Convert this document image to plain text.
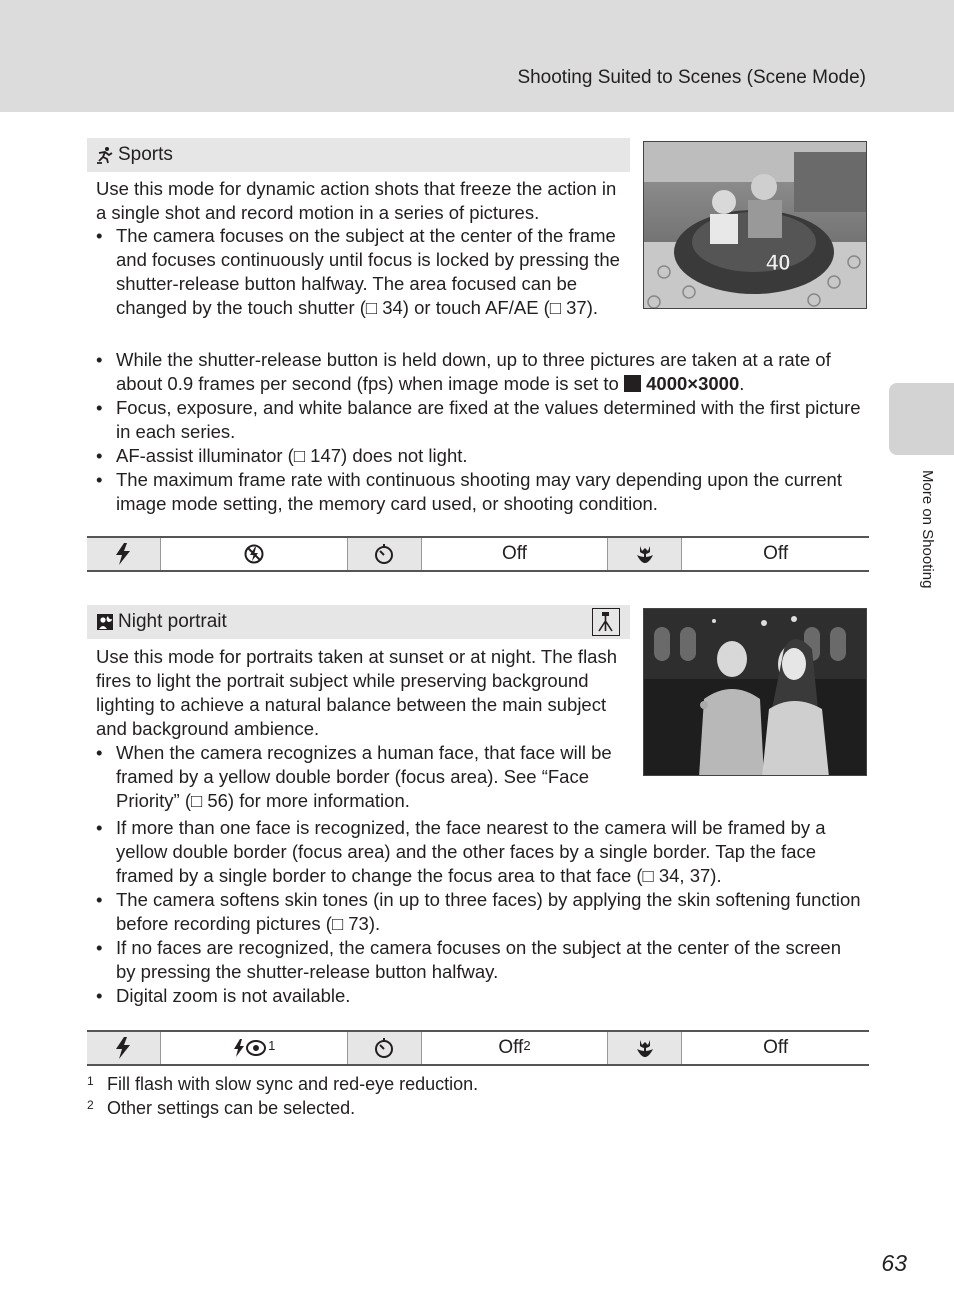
Shooting Suited to Scenes (Scene Mode)
More on Shooting
Sports
40
Use this mode for dynamic action shots that freeze the action in a single shot and record motion in a series of pictures.
• The camera focuses on the subject at the center of the frame and focuses continuously until focus is locked by pressing the shutter-release button halfway. The area focused can be changed by the touch shutter (□ 34) or touch AF/AE (□ 37).
• While the shutter-release button is held down, up to three pictures are taken at a rate of about 0.9 frames per second (fps) when image mode is set to 4000×3000.
• Focus, exposure, and white balance are fixed at the values determined with the first picture in each series.
• AF-assist illuminator (□ 147) does not light.
• The maximum frame rate with continuous shooting may vary depending upon the current image mode setting, the memory card used, or shooting condition.
Off	Off
Night portrait
Use this mode for portraits taken at sunset or at night. The flash fires to light the portrait subject while preserving background lighting to achieve a natural balance between the main subject and background ambience.
• When the camera recognizes a human face, that face will be framed by a yellow double border (focus area). See “Face Priority” (□ 56) for more information.
• If more than one face is recognized, the face nearest to the camera will be framed by a yellow double border (focus area) and the other faces by a single border. Tap the face framed by a single border to change the focus area to that face (□ 34, 37).
• The camera softens skin tones (in up to three faces) by applying the skin softening function before recording pictures (□ 73).
• If no faces are recognized, the camera focuses on the subject at the center of the screen by pressing the shutter-release button halfway.
• Digital zoom is not available.
1	Off 2	Off
1 Fill flash with slow sync and red-eye reduction.
2 Other settings can be selected.
63
